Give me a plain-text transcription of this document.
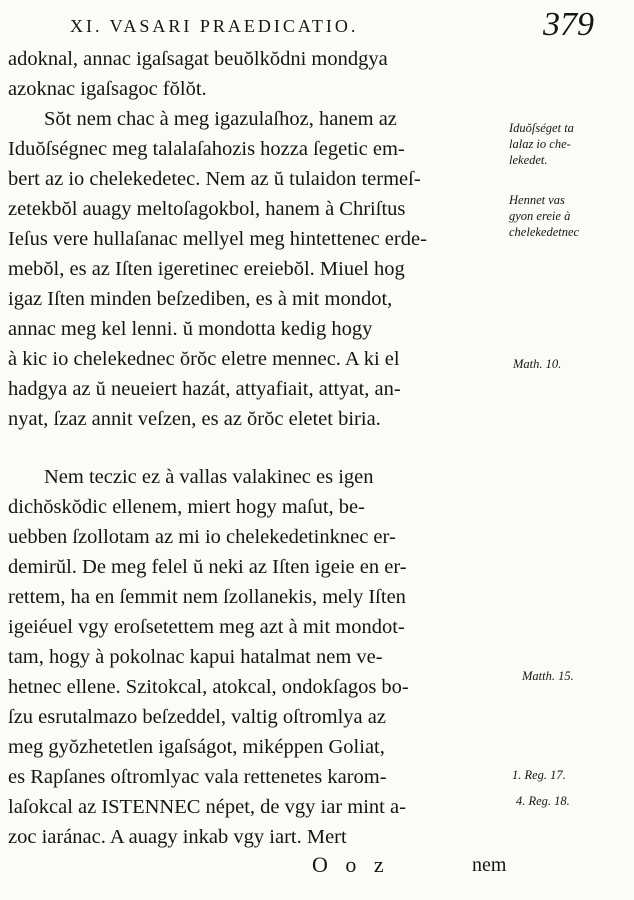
XI. VASARI PRAEDICATIO.	379
adoknal, annac igaſsagat beuŏlkŏdni mondgya
azoknac igaſsagoc fŏlŏt.
Sŏt nem chac à meg igazulaſhoz, hanem az
Iduŏſségnec meg talalaſahozis hozza ſegetic em-
bert az io chelekedetec. Nem az ŭ tulaidon termeſ-
zetekbŏl auagy meltoſagokbol, hanem à Chriſtus
Ieſus vere hullaſanac mellyel meg hintettenec erde-
mebŏl, es az Iſten igeretinec ereiebŏl. Miuel hog
igaz Iſten minden beſzediben, es à mit mondot,
annac meg kel lenni. ŭ mondotta kedig hogy
à kic io chelekednec ŏrŏc eletre mennec. A ki el
hadgya az ŭ neueiert hazát, attyafiait, attyat, an-
nyat, ſzaz annit veſzen, es az ŏrŏc eletet biria.
Nem teczic ez à vallas valakinec es igen
dichŏskŏdic ellenem, miert hogy maſut, be-
uebben ſzollotam az mi io chelekedetinknec er-
demirŭl. De meg felel ŭ neki az Iſten igeie en er-
rettem, ha en ſemmit nem ſzollanekis, mely Iſten
igeiéuel vgy eroſsetettem meg azt à mit mondot-
tam, hogy à pokolnac kapui hatalmat nem ve-
hetnec ellene. Szitokcal, atokcal, ondokſagos bo-
ſzu esrutalmazo beſzeddel, valtig oſtromlya az
meg gyŏzhetetlen igaſságot, miképpen Goliat,
es Rapſanes oſtromlyac vala rettenetes karom-
laſokcal az ISTENNEC népet, de vgy iar mint a-
zoc iaránac. A auagy inkab vgy iart. Mert
Iduŏſséget ta
lalaz io che-
lekedet.
Hennet vas
gyon ereie à
chelekedetnec
Math. 10.
Matth. 15.
1. Reg. 17.
4. Reg. 18.
O o z	nem
